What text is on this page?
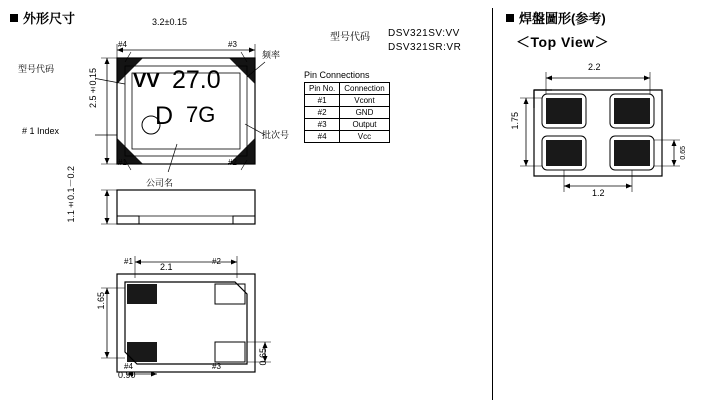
外形尺寸	3.2±0.15
2.5±0.15
#4	#3
#1	#2
型号代码
频率
批次号
# 1 Index
公司名
VV 27.0
D 7G
1.1±0.1－0.2
2.1
1.65
0.90
0.65
#1	#2
#4	#3
型号代码 DSV321SV:VV
DSV321SR:VR
Pin Connections
Pin No.	Connection
#1	Vcont
#2	GND
#3	Output
#4	Vcc
焊盤圖形(参考)
＜Top View＞
2.2
1.75
1.2
0.65
